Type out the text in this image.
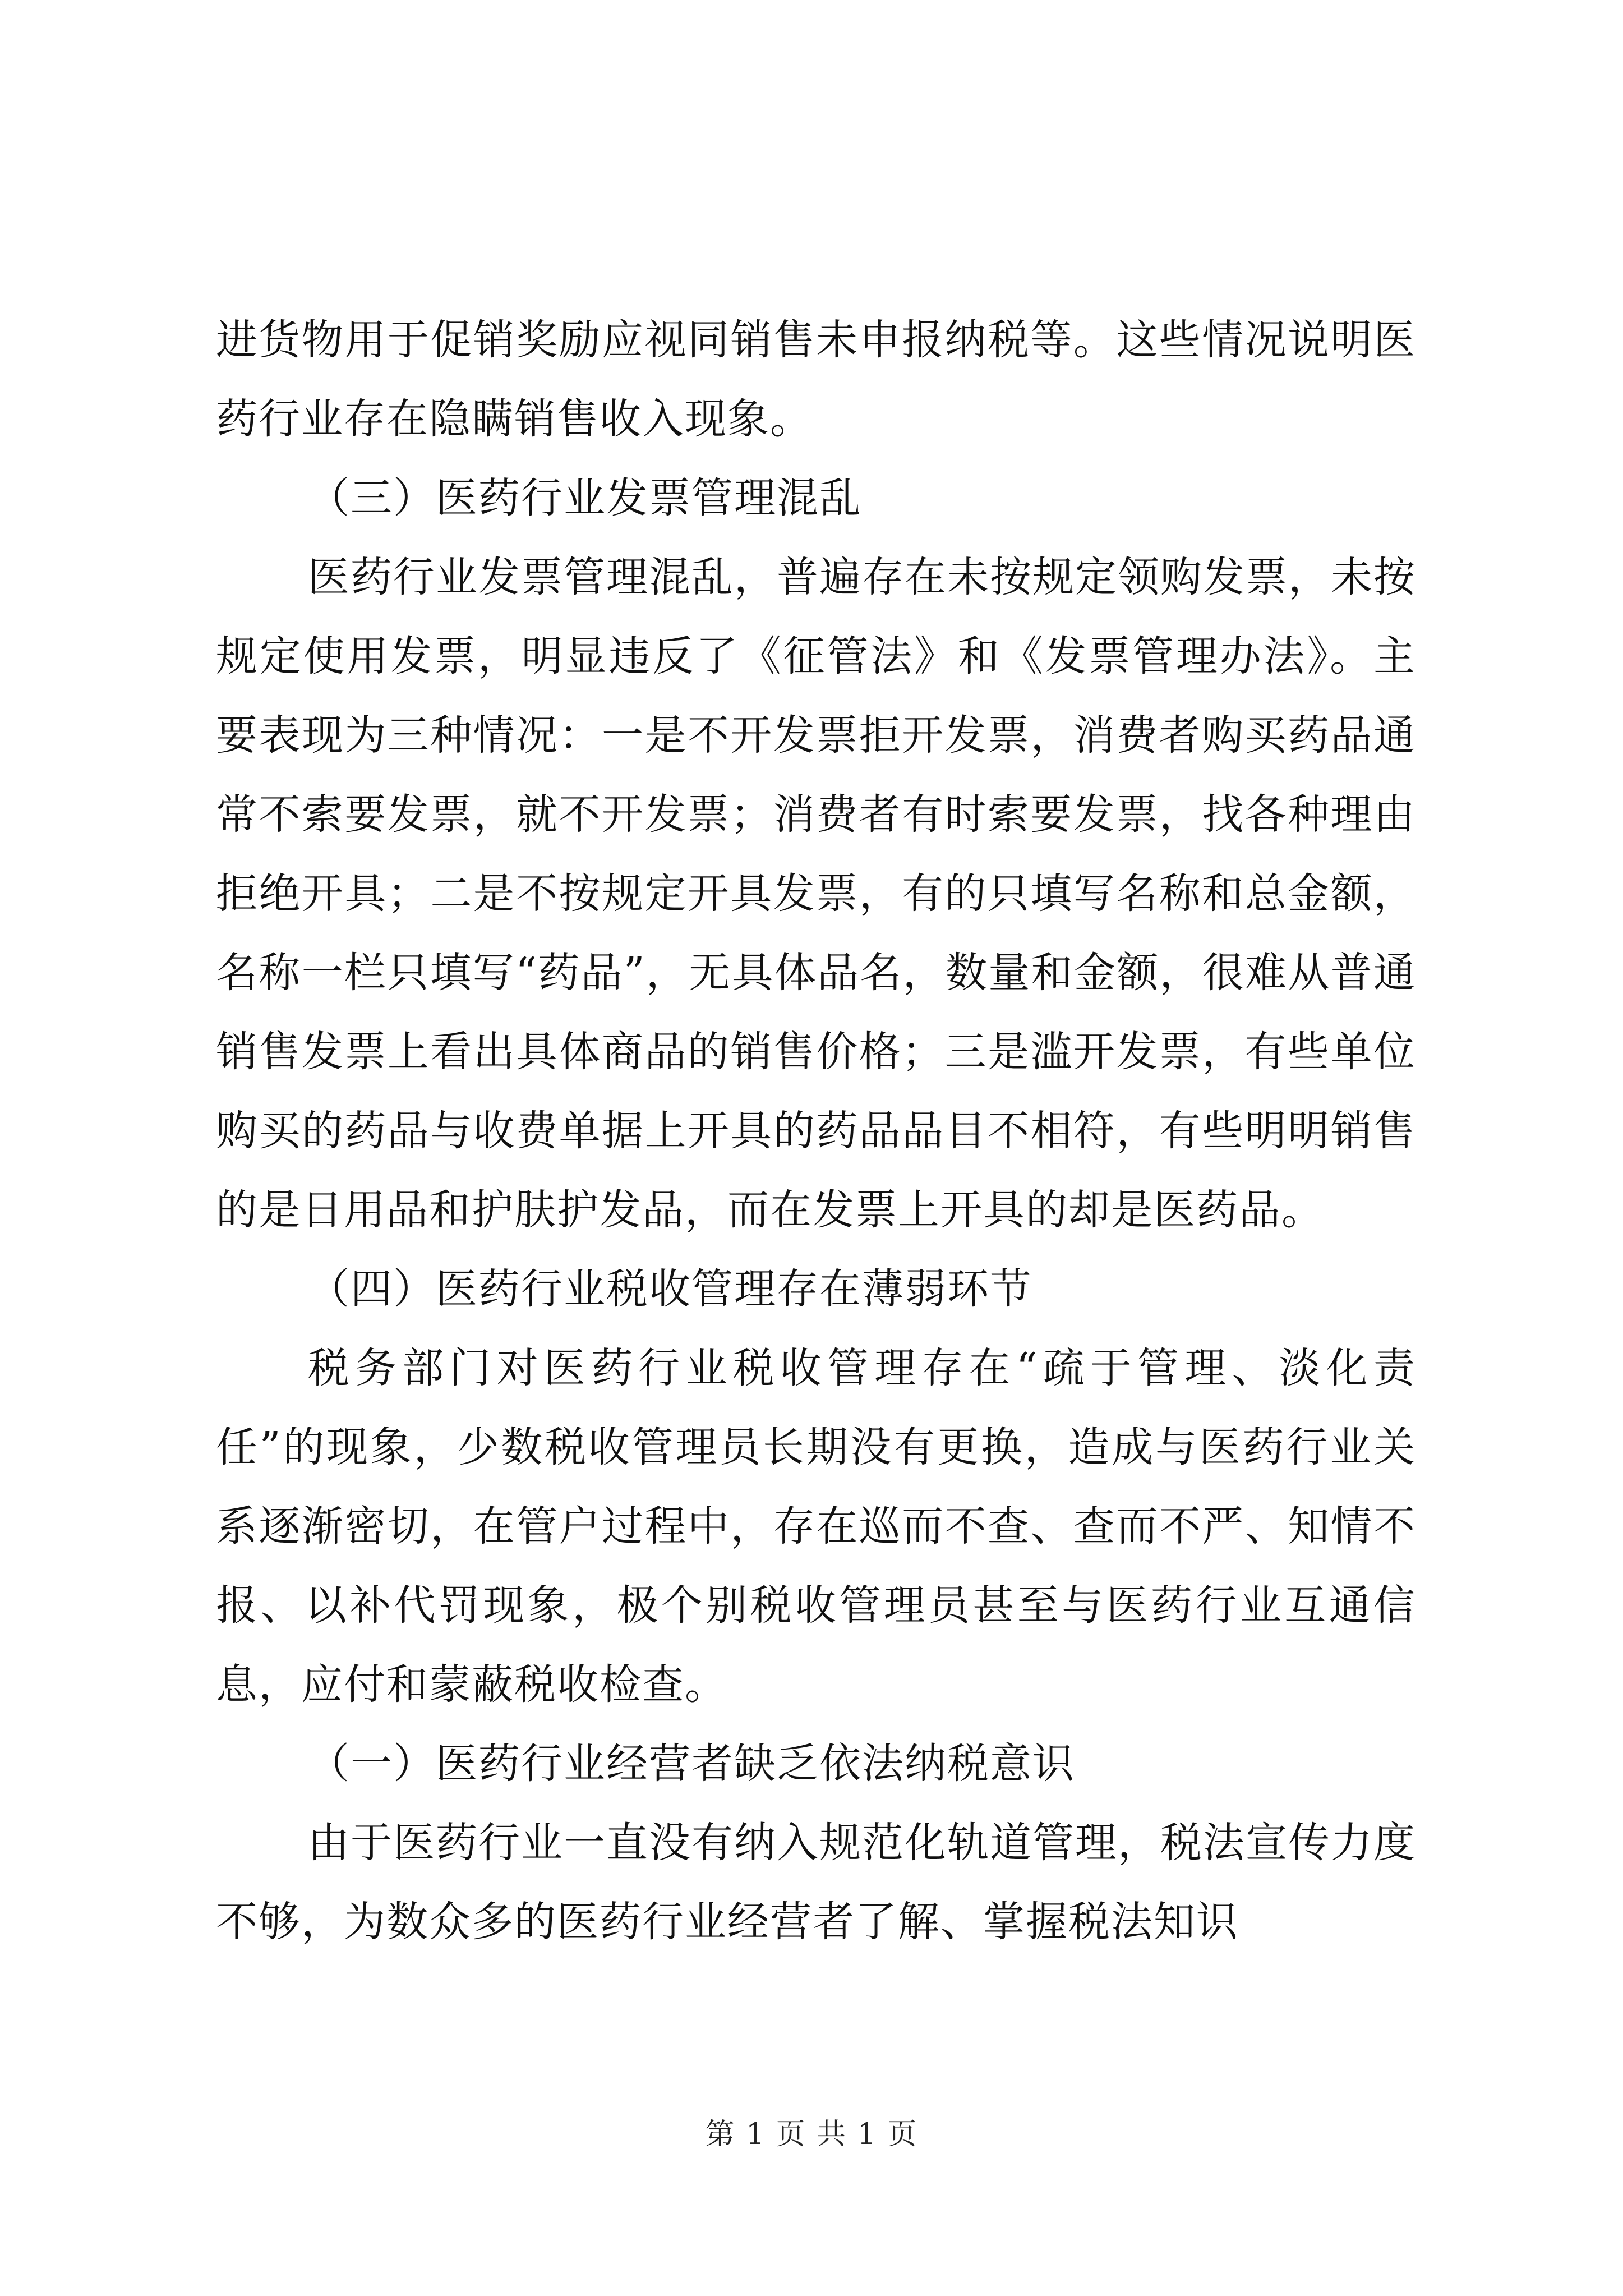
进货物用于促销奖励应视同销售未申报纳税等。这些情况说明医药行业存在隐瞒销售收入现象。

（三）医药行业发票管理混乱

医药行业发票管理混乱，普遍存在未按规定领购发票，未按规定使用发票，明显违反了《征管法》和《发票管理办法》。主要表现为三种情况：一是不开发票拒开发票，消费者购买药品通常不索要发票，就不开发票；消费者有时索要发票，找各种理由拒绝开具；二是不按规定开具发票，有的只填写名称和总金额，名称一栏只填写“药品”，无具体品名，数量和金额，很难从普通销售发票上看出具体商品的销售价格；三是滥开发票，有些单位购买的药品与收费单据上开具的药品品目不相符，有些明明销售的是日用品和护肤护发品，而在发票上开具的却是医药品。

（四）医药行业税收管理存在薄弱环节

税务部门对医药行业税收管理存在“疏于管理、淡化责任”的现象，少数税收管理员长期没有更换，造成与医药行业关系逐渐密切，在管户过程中，存在巡而不查、查而不严、知情不报、以补代罚现象，极个别税收管理员甚至与医药行业互通信息，应付和蒙蔽税收检查。

（一）医药行业经营者缺乏依法纳税意识

由于医药行业一直没有纳入规范化轨道管理，税法宣传力度不够，为数众多的医药行业经营者了解、掌握税法知识

第 1 页 共 1 页
